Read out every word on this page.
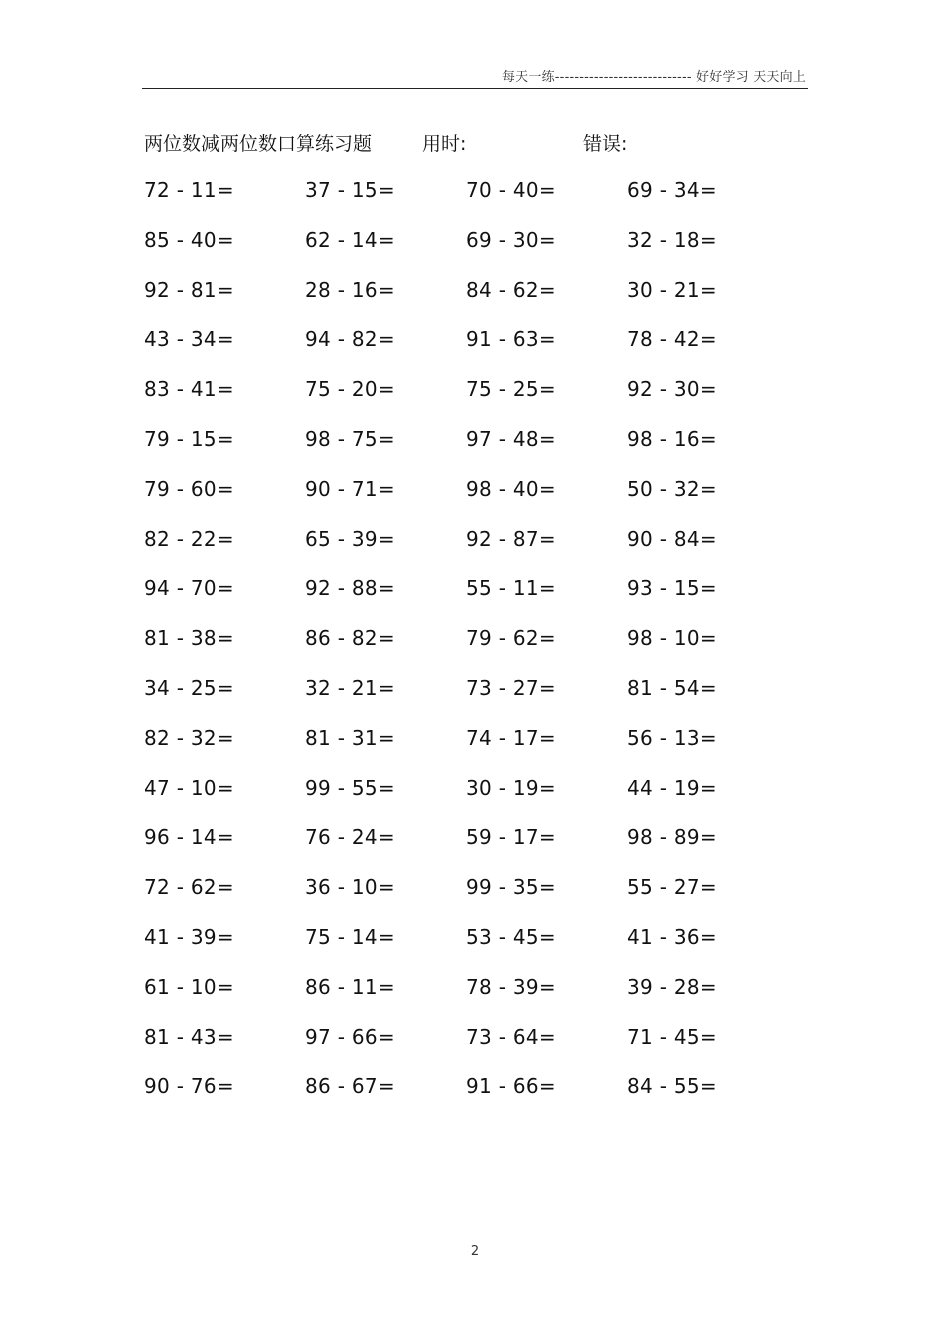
每天一练---------------------------- 好好学习 天天向上
两位数减两位数口算练习题	用时:	错误:
72 - 11=	37 - 15=	70 - 40=	69 - 34=
85 - 40=	62 - 14=	69 - 30=	32 - 18=
92 - 81=	28 - 16=	84 - 62=	30 - 21=
43 - 34=	94 - 82=	91 - 63=	78 - 42=
83 - 41=	75 - 20=	75 - 25=	92 - 30=
79 - 15=	98 - 75=	97 - 48=	98 - 16=
79 - 60=	90 - 71=	98 - 40=	50 - 32=
82 - 22=	65 - 39=	92 - 87=	90 - 84=
94 - 70=	92 - 88=	55 - 11=	93 - 15=
81 - 38=	86 - 82=	79 - 62=	98 - 10=
34 - 25=	32 - 21=	73 - 27=	81 - 54=
82 - 32=	81 - 31=	74 - 17=	56 - 13=
47 - 10=	99 - 55=	30 - 19=	44 - 19=
96 - 14=	76 - 24=	59 - 17=	98 - 89=
72 - 62=	36 - 10=	99 - 35=	55 - 27=
41 - 39=	75 - 14=	53 - 45=	41 - 36=
61 - 10=	86 - 11=	78 - 39=	39 - 28=
81 - 43=	97 - 66=	73 - 64=	71 - 45=
90 - 76=	86 - 67=	91 - 66=	84 - 55=
2
